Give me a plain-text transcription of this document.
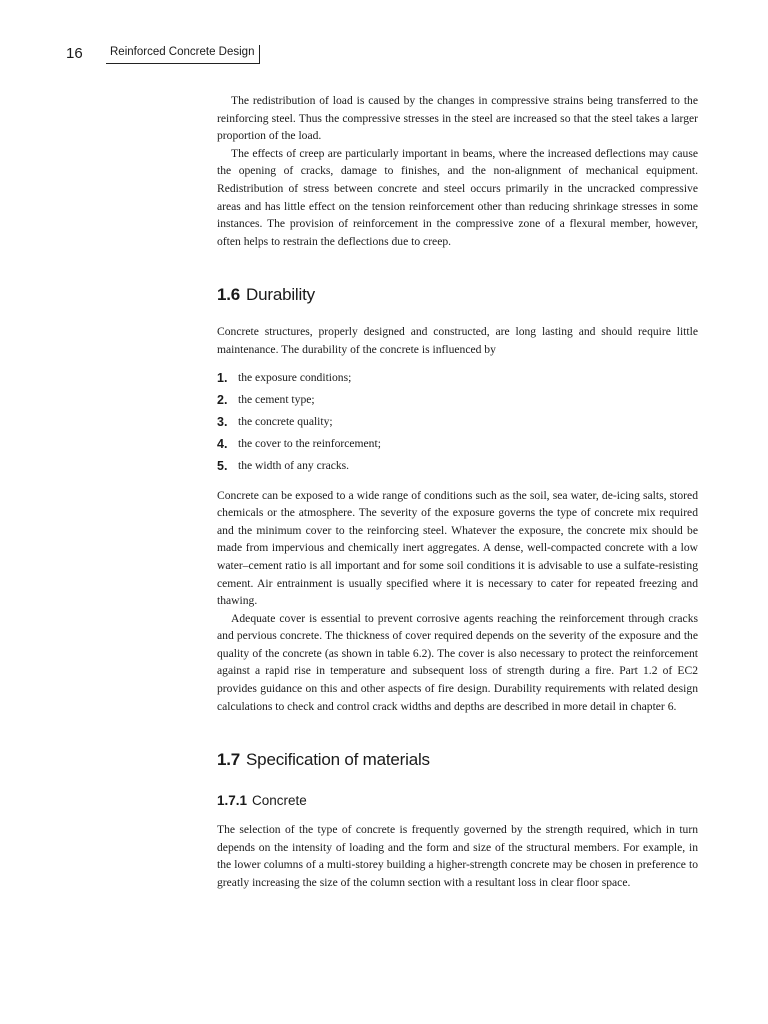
16	Reinforced Concrete Design

The redistribution of load is caused by the changes in compressive strains being transferred to the reinforcing steel. Thus the compressive stresses in the steel are increased so that the steel takes a larger proportion of the load.

The effects of creep are particularly important in beams, where the increased deflections may cause the opening of cracks, damage to finishes, and the non-alignment of mechanical equipment. Redistribution of stress between concrete and steel occurs primarily in the uncracked compressive areas and has little effect on the tension reinforcement other than reducing shrinkage stresses in some instances. The provision of reinforcement in the compressive zone of a flexural member, however, often helps to restrain the deflections due to creep.

1.6 Durability

Concrete structures, properly designed and constructed, are long lasting and should require little maintenance. The durability of the concrete is influenced by

1. the exposure conditions;
2. the cement type;
3. the concrete quality;
4. the cover to the reinforcement;
5. the width of any cracks.

Concrete can be exposed to a wide range of conditions such as the soil, sea water, de-icing salts, stored chemicals or the atmosphere. The severity of the exposure governs the type of concrete mix required and the minimum cover to the reinforcing steel. Whatever the exposure, the concrete mix should be made from impervious and chemically inert aggregates. A dense, well-compacted concrete with a low water–cement ratio is all important and for some soil conditions it is advisable to use a sulfate-resisting cement. Air entrainment is usually specified where it is necessary to cater for repeated freezing and thawing.

Adequate cover is essential to prevent corrosive agents reaching the reinforcement through cracks and pervious concrete. The thickness of cover required depends on the severity of the exposure and the quality of the concrete (as shown in table 6.2). The cover is also necessary to protect the reinforcement against a rapid rise in temperature and subsequent loss of strength during a fire. Part 1.2 of EC2 provides guidance on this and other aspects of fire design. Durability requirements with related design calculations to check and control crack widths and depths are described in more detail in chapter 6.

1.7 Specification of materials
1.7.1 Concrete

The selection of the type of concrete is frequently governed by the strength required, which in turn depends on the intensity of loading and the form and size of the structural members. For example, in the lower columns of a multi-storey building a higher-strength concrete may be chosen in preference to greatly increasing the size of the column section with a resultant loss in clear floor space.
